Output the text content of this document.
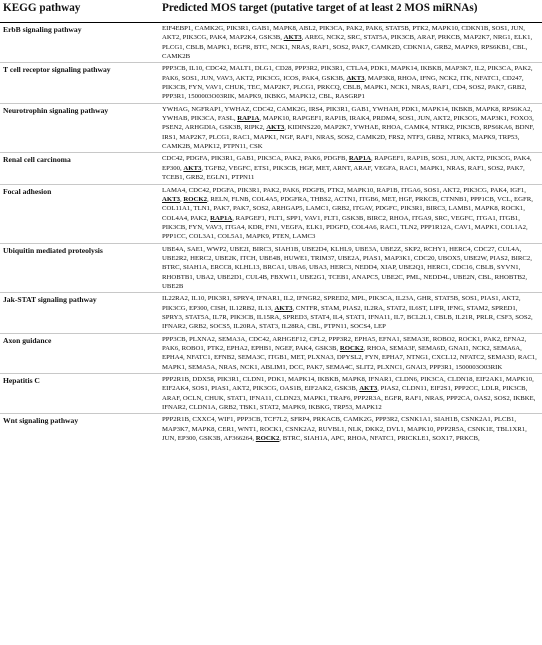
KEGG pathway	Predicted MOS target (putative target of at least 2 MOS miRNAs)
ErbB signaling pathway	EIF4EBP1, CAMK2G, PIK3R1, GAB1, MAPK8, ABL2, PIK3CA, PAK2, PAK6, STAT5B, PTK2, MAPK10, CDKN1B, SOS1, JUN, AKT2, PIK3CG, PAK4, MAP2K4, GSK3B, AKT3, AREG, NCK2, SRC, STAT5A, PIK3CB, ARAF, PRKCB, MAP2K7, NRG1, ELK1, PLCG1, CBLB, MAPK1, EGFR, BTC, NCK1, NRAS, RAF1, SOS2, PAK7, CAMK2D, CDKN1A, GRB2, MAPK9, RPS6KB1, CBL, CAMK2B
T cell receptor signaling pathway	PPP3CB, IL10, CDC42, MALT1, DLG1, CD28, PPP3R2, PIK3R1, CTLA4, PDK1, MAPK14, IKBKB, MAP3K7, IL2, PIK3CA, PAK2, PAK6, SOS1, JUN, VAV3, AKT2, PIK3CG, ICOS, PAK4, GSK3B, AKT3, MAP3K8, RHOA, IFNG, NCK2, ITK, NFATC1, CD247, PIK3CB, FYN, VAV1, CHUK, TEC, MAP2K7, PLCG1, PRKCQ, CBLB, MAPK1, NCK1, NRAS, RAF1, CD4, SOS2, PAK7, GRB2, PPP3R1, 1500003O03RIK, MAPK9, IKBKG, MAPK12, CBL, RASGRP1
Neurotrophin signaling pathway	YWHAG, NGFRAP1, YWHAZ, CDC42, CAMK2G, IRS4, PIK3R1, GAB1, YWHAH, PDK1, MAPK14, IKBKB, MAPK8, RPS6KA2, YWHAB, PIK3CA, FASL, RAP1A, MAPK10, RAPGEF1, RAP1B, IRAK4, PRDM4, SOS1, JUN, AKT2, PIK3CG, MAP3K1, FOXO3, PSEN2, ARHGDIA, GSK3B, RIPK2, AKT3, KIDINS220, MAP2K7, YWHAE, RHOA, CAMK4, NTRK2, PIK3CB, RPS6KA6, BDNF, IRS1, MAP2K7, PLCG1, RAC1, MAPK1, NGF, RAF1, NRAS, SOS2, CAMK2D, FRS2, NTF3, GRB2, NTRK3, MAPK9, TRP53, CAMK2B, MAPK12, PTPN11, CSK
Renal cell carcinoma	CDC42, PDGFA, PIK3R1, GAB1, PIK3CA, PAK2, PAK6, PDGFB, RAP1A, RAPGEF1, RAP1B, SOS1, JUN, AKT2, PIK3CG, PAK4, EP300, AKT3, TGFB2, VEGFC, ETS1, PIK3CB, HGF, MET, ARNT, ARAF, VEGFA, RAC1, MAPK1, NRAS, RAF1, SOS2, PAK7, TCEB1, GRB2, EGLN1, PTPN11
Focal adhesion	LAMA4, CDC42, PDGFA, PIK3R1, PAK2, PAK6, PDGFB, PTK2, MAPK10, RAP1B, ITGA6, SOS1, AKT2, PIK3CG, PAK4, IGF1, AKT3, ROCK2, RELN, FLNB, COL4A5, PDGFRA, THBS2, ACTN1, ITGB6, MET, HGF, PRKCB, CTNNB1, PPP1CB, VCL, EGFR, COL11A1, TLN1, PAK7, PAK7, SOS2, ARHGAP5, LAMC1, GRB2, ITGAV, PDGFC, PIK3R1, BIRC3, LAMB1, MAPK8, ROCK1, COL4A4, PAK2, RAP1A, RAPGEF1, FLT1, SPP1, VAV1, FLT1, GSK3B, BIRC2, RHOA, ITGA9, SRC, VEGFC, ITGA1, ITGB1, PIK3CB, FYN, VAV3, ITGA4, KDR, FN1, VEGFA, ELK1, PDGFD, COL4A6, RAC1, TLN2, PPP1R12A, CAV1, MAPK1, COL1A2, PPP1CC, COL3A1, COL5A1, MAPK9, PTEN, LAMC3
Ubiquitin mediated proteolysis	UBE4A, SAE1, WWP2, UBE2I, BIRC3, SIAH1B, UBE2D4, KLHL9, UBE3A, UBE2Z, SKP2, RCHY1, HERC4, CDC27, CUL4A, UBE2R2, HERC2, UBE2K, ITCH, UBE4B, HUWE1, TRIM37, UBE2A, PIAS1, MAP3K1, CDC20, UBOX5, UBE2W, PIAS2, BIRC2, BTRC, SIAH1A, ERCC8, KLHL13, BRCA1, UBA6, UBA3, HERC3, NEDD4, XIAP, UBE2Q1, HERC1, CDC16, CBLB, SYVN1, RHOBTB1, UBA2, UBE2D1, CUL4B, FBXW11, UBE2G1, TCEB1, ANAPC5, UBE2C, PML, NEDD4L, UBE2N, CBL, RHOBTB2, UBE2B
Jak-STAT signaling pathway	IL22RA2, IL10, PIK3R1, SPRY4, IFNAR1, IL2, IFNGR2, SPRED2, MPL, PIK3CA, IL23A, GHR, STAT5B, SOS1, PIAS1, AKT2, PIK3CG, EP300, CISH, IL12RB2, IL13, AKT3, CNTFR, STAM, PIAS2, IL2RA, STAT2, IL6ST, LIFR, IFNG, STAM2, SPRED1, SPRY3, STAT5A, IL7R, PIK3CB, IL15RA, SPRED3, STAT4, IL4, STAT1, IFNA11, IL7, BCL2L1, CBLB, IL21R, PRLR, CSF3, SOS2, IFNAR2, GRB2, SOCS5, IL20RA, STAT3, IL28RA, CBL, PTPN11, SOCS4, LEP
Axon guidance	PPP3CB, PLXNA2, SEMA3A, CDC42, ARHGEF12, CFL2, PPP3R2, EPHA5, EFNA1, SEMA3E, ROBO2, ROCK1, PAK2, EFNA2, PAK6, ROBO1, PTK2, EPHA2, EPHB1, NGEF, PAK4, GSK3B, ROCK2, RHOA, SEMA3F, SEMA6D, GNAI1, NCK2, SEMA6A, EPHA4, NFATC1, EFNB2, SEMA3C, ITGB1, MET, PLXNA3, DPYSL2, FYN, EPHA7, NTNG1, CXCL12, NFATC2, SEMA3D, RAC1, MAPK1, SEMA5A, NRAS, NCK1, ABLIM1, DCC, PAK7, SEMA4C, SLIT2, PLXNC1, GNAI3, PPP3R1, 1500003O03RIK
Hepatitis C	PPP2R1B, DDX58, PIK3R1, CLDN1, PDK1, MAPK14, IKBKB, MAPK8, IFNAR1, CLDN6, PIK3CA, CLDN18, EIF2AK1, MAPK10, EIF2AK4, SOS1, PIAS1, AKT2, PIK3CG, OAS1B, EIF2AK2, GSK3B, AKT3, PIAS2, CLDN11, EIF2S1, PPP2CC, LDLR, PIK3CB, ARAF, OCLN, CHUK, STAT1, IFNA11, CLDN23, MAPK1, TRAF6, PPP2R3A, EGFR, RAF1, NRAS, PPP2CA, OAS2, SOS2, IKBKE, IFNAR2, CLDN1A, GRB2, TBK1, STAT2, MAPK9, IKBKG, TRP53, MAPK12
Wnt signaling pathway	PPP2R1B, CXXC4, WIF1, PPP3CB, TCF7L2, SFRP4, PRKACB, CAMK2G, PPP3R2, CSNK1A1, SIAH1B, CSNK2A1, PLCB1, MAP3K7, MAPK8, CER1, WNT1, ROCK1, CSNK2A2, RUVBL1, NLK, DKK2, DVL1, MAPK10, PPP2R5A, CSNK1E, TBL1XR1, JUN, EP300, GSK3B, AF366264, ROCK2, BTRC, SIAH1A, APC, RHOA, NFATC1, PRICKLE1, SOX17, PRKCB,
